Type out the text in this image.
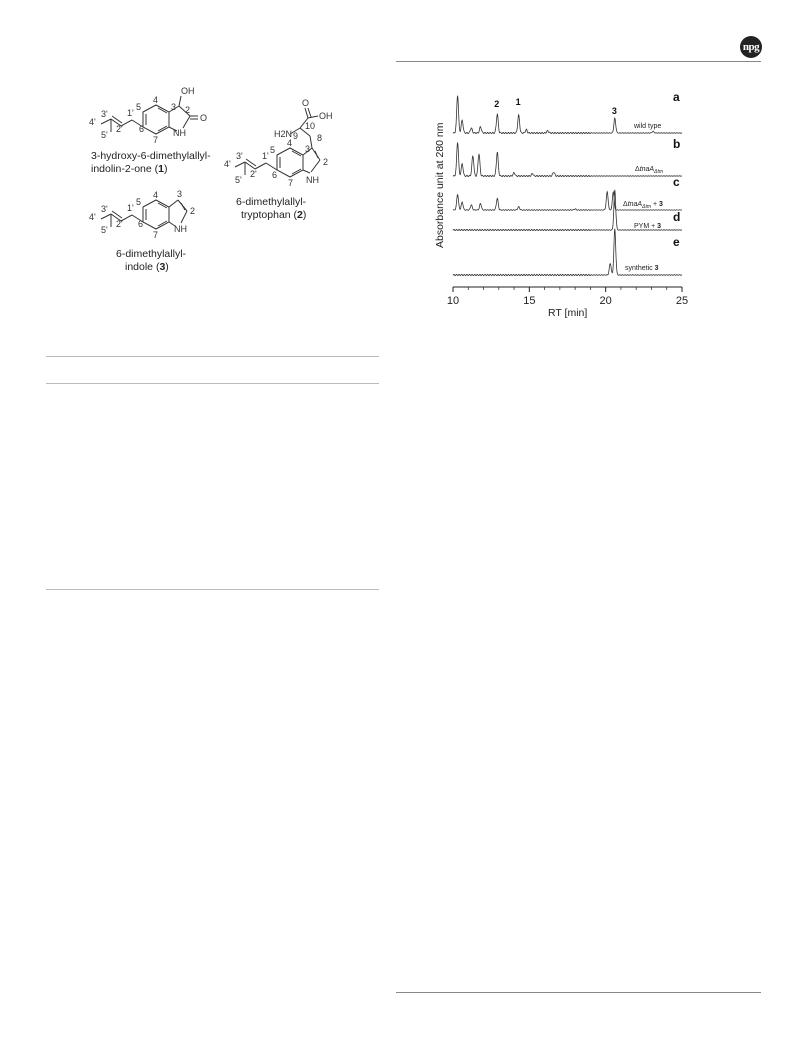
npg
OH
2
O
3
4
5
6
7
NH
1'
2'
3'
4'
5'
O
OH
10
H2N 9 8
3
2
4
5
6
7 NH
1'
2'
3'
4'
5'
4
5
3
2
6
7
NH
1'
2'
3'
4'
5'
3-hydroxy-6-dimethylallyl-
indolin-2-one (1)
6-dimethylallyl-
tryptophan (2)
6-dimethylallyl-
indole (3)
Absorbance unit at 280 nm
a
b
c
d
e
2 1
3
wild type
ΔtnaA$_{\Delta tm}$
ΔtnaA$_{\Delta tm}$ + 3
PYM + 3
synthetic 3
10	15	20	25
RT [min]
